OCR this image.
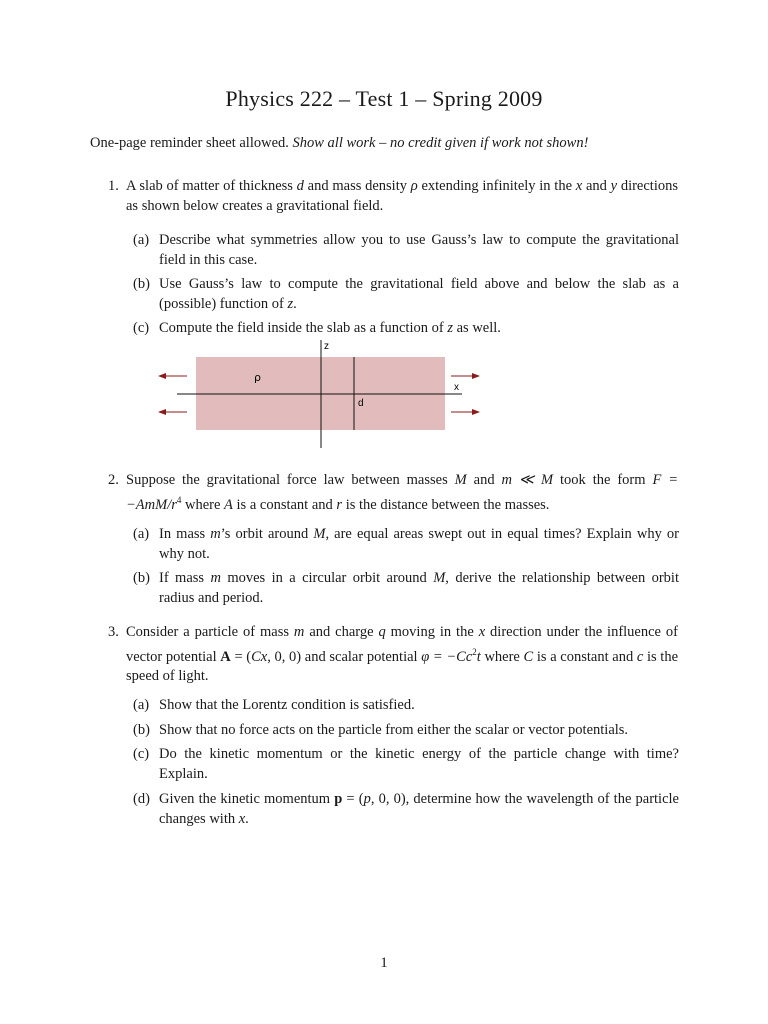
Physics 222 – Test 1 – Spring 2009
One-page reminder sheet allowed. Show all work – no credit given if work not shown!
1. A slab of matter of thickness d and mass density ρ extending infinitely in the x and y directions as shown below creates a gravitational field.
(a) Describe what symmetries allow you to use Gauss’s law to compute the gravitational field in this case.
(b) Use Gauss’s law to compute the gravitational field above and below the slab as a (possible) function of z.
(c) Compute the field inside the slab as a function of z as well.
z
ρ
x
d
2. Suppose the gravitational force law between masses M and m ≪ M took the form $F = -AmM/r^4$ where A is a constant and r is the distance between the masses.
(a) In mass m’s orbit around M, are equal areas swept out in equal times? Explain why or why not.
(b) If mass m moves in a circular orbit around M, derive the relationship between orbit radius and period.
3. Consider a particle of mass m and charge q moving in the x direction under the influence of vector potential A = (Cx, 0, 0) and scalar potential $\varphi = -Cc^2t$ where C is a constant and c is the speed of light.
(a) Show that the Lorentz condition is satisfied.
(b) Show that no force acts on the particle from either the scalar or vector potentials.
(c) Do the kinetic momentum or the kinetic energy of the particle change with time? Explain.
(d) Given the kinetic momentum p = (p, 0, 0), determine how the wavelength of the particle changes with x.
1
